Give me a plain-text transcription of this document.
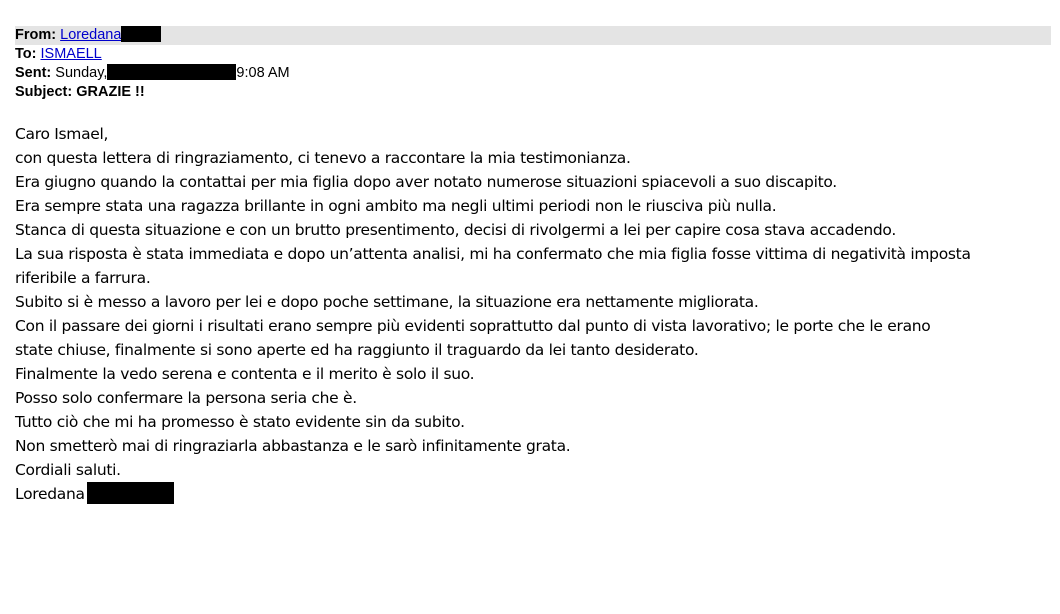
From: Loredana
To: ISMAELL
Sent: Sunday,	9:08 AM
Subject: GRAZIE !!
Caro Ismael,
con questa lettera di ringraziamento, ci tenevo a raccontare la mia testimonianza.
Era giugno quando la contattai per mia figlia dopo aver notato numerose situazioni spiacevoli a suo discapito.
Era sempre stata una ragazza brillante in ogni ambito ma negli ultimi periodi non le riusciva più nulla.
Stanca di questa situazione e con un brutto presentimento, decisi di rivolgermi a lei per capire cosa stava accadendo.
La sua risposta è stata immediata e dopo un’attenta analisi, mi ha confermato che mia figlia fosse vittima di negatività imposta
riferibile a farrura.
Subito si è messo a lavoro per lei e dopo poche settimane, la situazione era nettamente migliorata.
Con il passare dei giorni i risultati erano sempre più evidenti soprattutto dal punto di vista lavorativo; le porte che le erano
state chiuse, finalmente si sono aperte ed ha raggiunto il traguardo da lei tanto desiderato.
Finalmente la vedo serena e contenta e il merito è solo il suo.
Posso solo confermare la persona seria che è.
Tutto ciò che mi ha promesso è stato evidente sin da subito.
Non smetterò mai di ringraziarla abbastanza e le sarò infinitamente grata.
Cordiali saluti.
Loredana
